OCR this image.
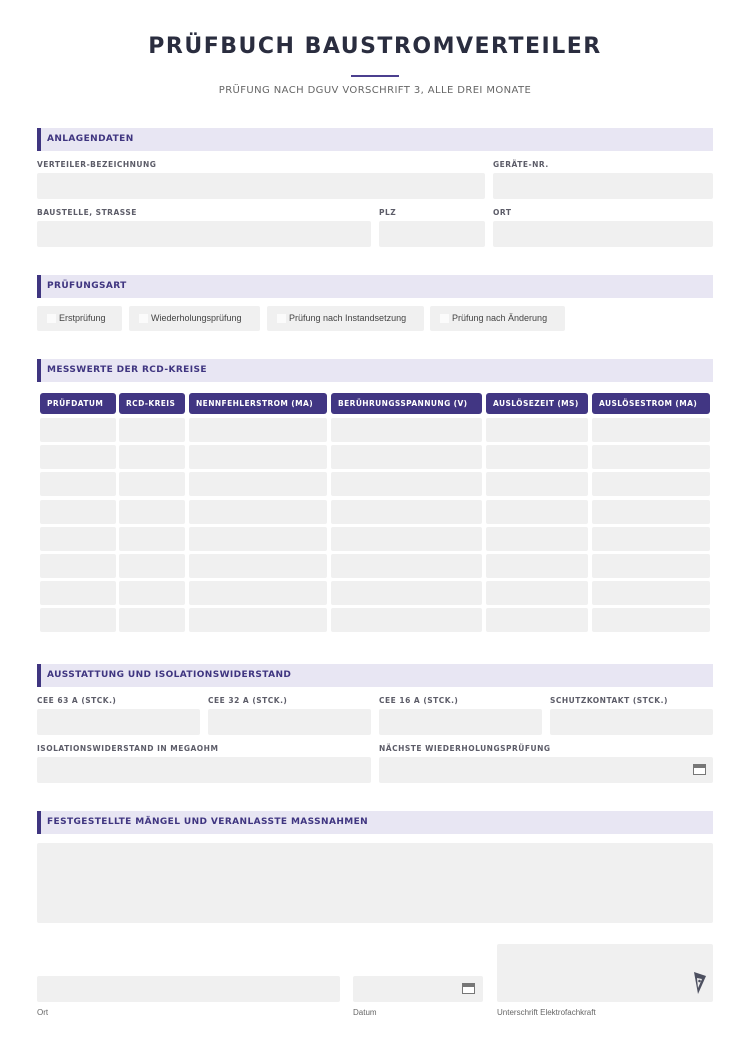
PRÜFBUCH BAUSTROMVERTEILER
PRÜFUNG NACH DGUV VORSCHRIFT 3, ALLE DREI MONATE
ANLAGENDATEN
VERTEILER-BEZEICHNUNG	GERÄTE-NR.
BAUSTELLE, STRASSE	PLZ	ORT
PRÜFUNGSART
Erstprüfung	Wiederholungsprüfung	Prüfung nach Instandsetzung	Prüfung nach Änderung
MESSWERTE DER RCD-KREISE
PRÜFDATUM	RCD-KREIS	NENNFEHLERSTROM (MA)	BERÜHRUNGSSPANNUNG (V)	AUSLÖSEZEIT (MS)	AUSLÖSESTROM (MA)
AUSSTATTUNG UND ISOLATIONSWIDERSTAND
CEE 63 A (STCK.)	CEE 32 A (STCK.)	CEE 16 A (STCK.)	SCHUTZKONTAKT (STCK.)
ISOLATIONSWIDERSTAND IN MEGAOHM	NÄCHSTE WIEDERHOLUNGSPRÜFUNG
FESTGESTELLTE MÄNGEL UND VERANLASSTE MASSNAHMEN
Ort	Datum	Unterschrift Elektrofachkraft
